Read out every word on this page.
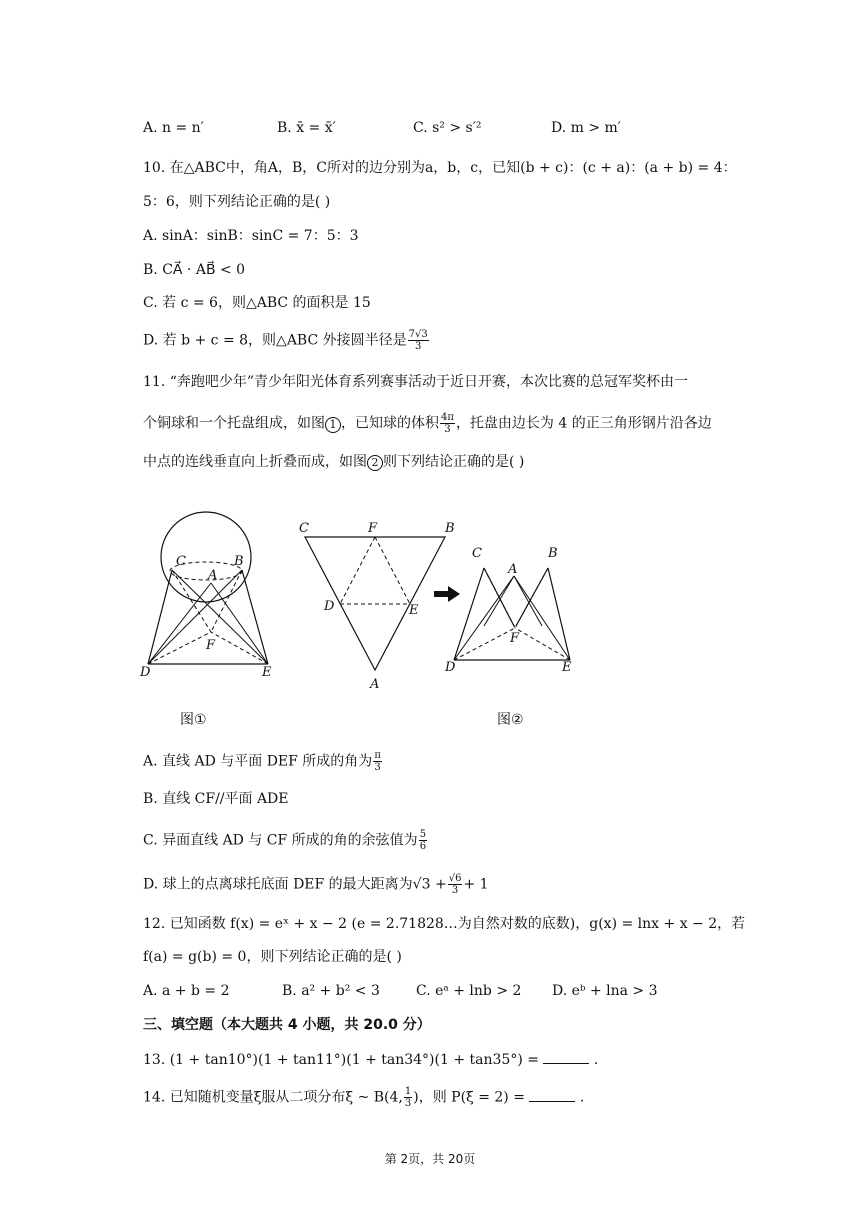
A. n = n′	B. x̄ = x̄′	C. s² > s′²	D. m > m′
10. 在△ABC中，角A，B，C所对的边分别为a，b，c，已知(b + c)：(c + a)：(a + b) = 4：
5：6，则下列结论正确的是( )
A. sinA：sinB：sinC = 7：5：3
B. CA⃗ · AB⃗ < 0
C. 若 c = 6，则△ABC 的面积是 15
D. 若 b + c = 8，则△ABC 外接圆半径是 $\frac{7√3}{3}$
11. “奔跑吧少年”青少年阳光体育系列赛事活动于近日开赛，本次比赛的总冠军奖杯由一
个铜球和一个托盘组成，如图 1 ，已知球的体积 $\frac{4\pi}{3}$ ，托盘由边长为 4 的正三角形钢片沿各边
中点的连线垂直向上折叠而成，如图 2 则下列结论正确的是( )
C	B
A
F
D	E
图①
C	F	B
D	E
A
C	B
A
F
D	E
图②
A. 直线 AD 与平面 DEF 所成的角为 $\frac{\pi}{3}$
B. 直线 CF//平面 ADE
C. 异面直线 AD 与 CF 所成的角的余弦值为 $\frac{5}{6}$
D. 球上的点离球托底面 DEF 的最大距离为$√3 + \frac{√6}{3} + 1$
12. 已知函数 f(x) = eˣ + x − 2 (e = 2.71828…为自然对数的底数)，g(x) = lnx + x − 2，若
f(a) = g(b) = 0，则下列结论正确的是( )
A. a + b = 2	B. a² + b² < 3	C. eᵃ + lnb > 2 D. eᵇ + lna > 3
三、填空题（本大题共 4 小题，共 20.0 分）
13. (1 + tan10°)(1 + tan11°)(1 + tan34°)(1 + tan35°) =	.
14. 已知随机变量ξ服从二项分布ξ ~ B(4, $\frac{1}{3}$ )，则 P(ξ = 2) =	.
第 2页，共 20页
